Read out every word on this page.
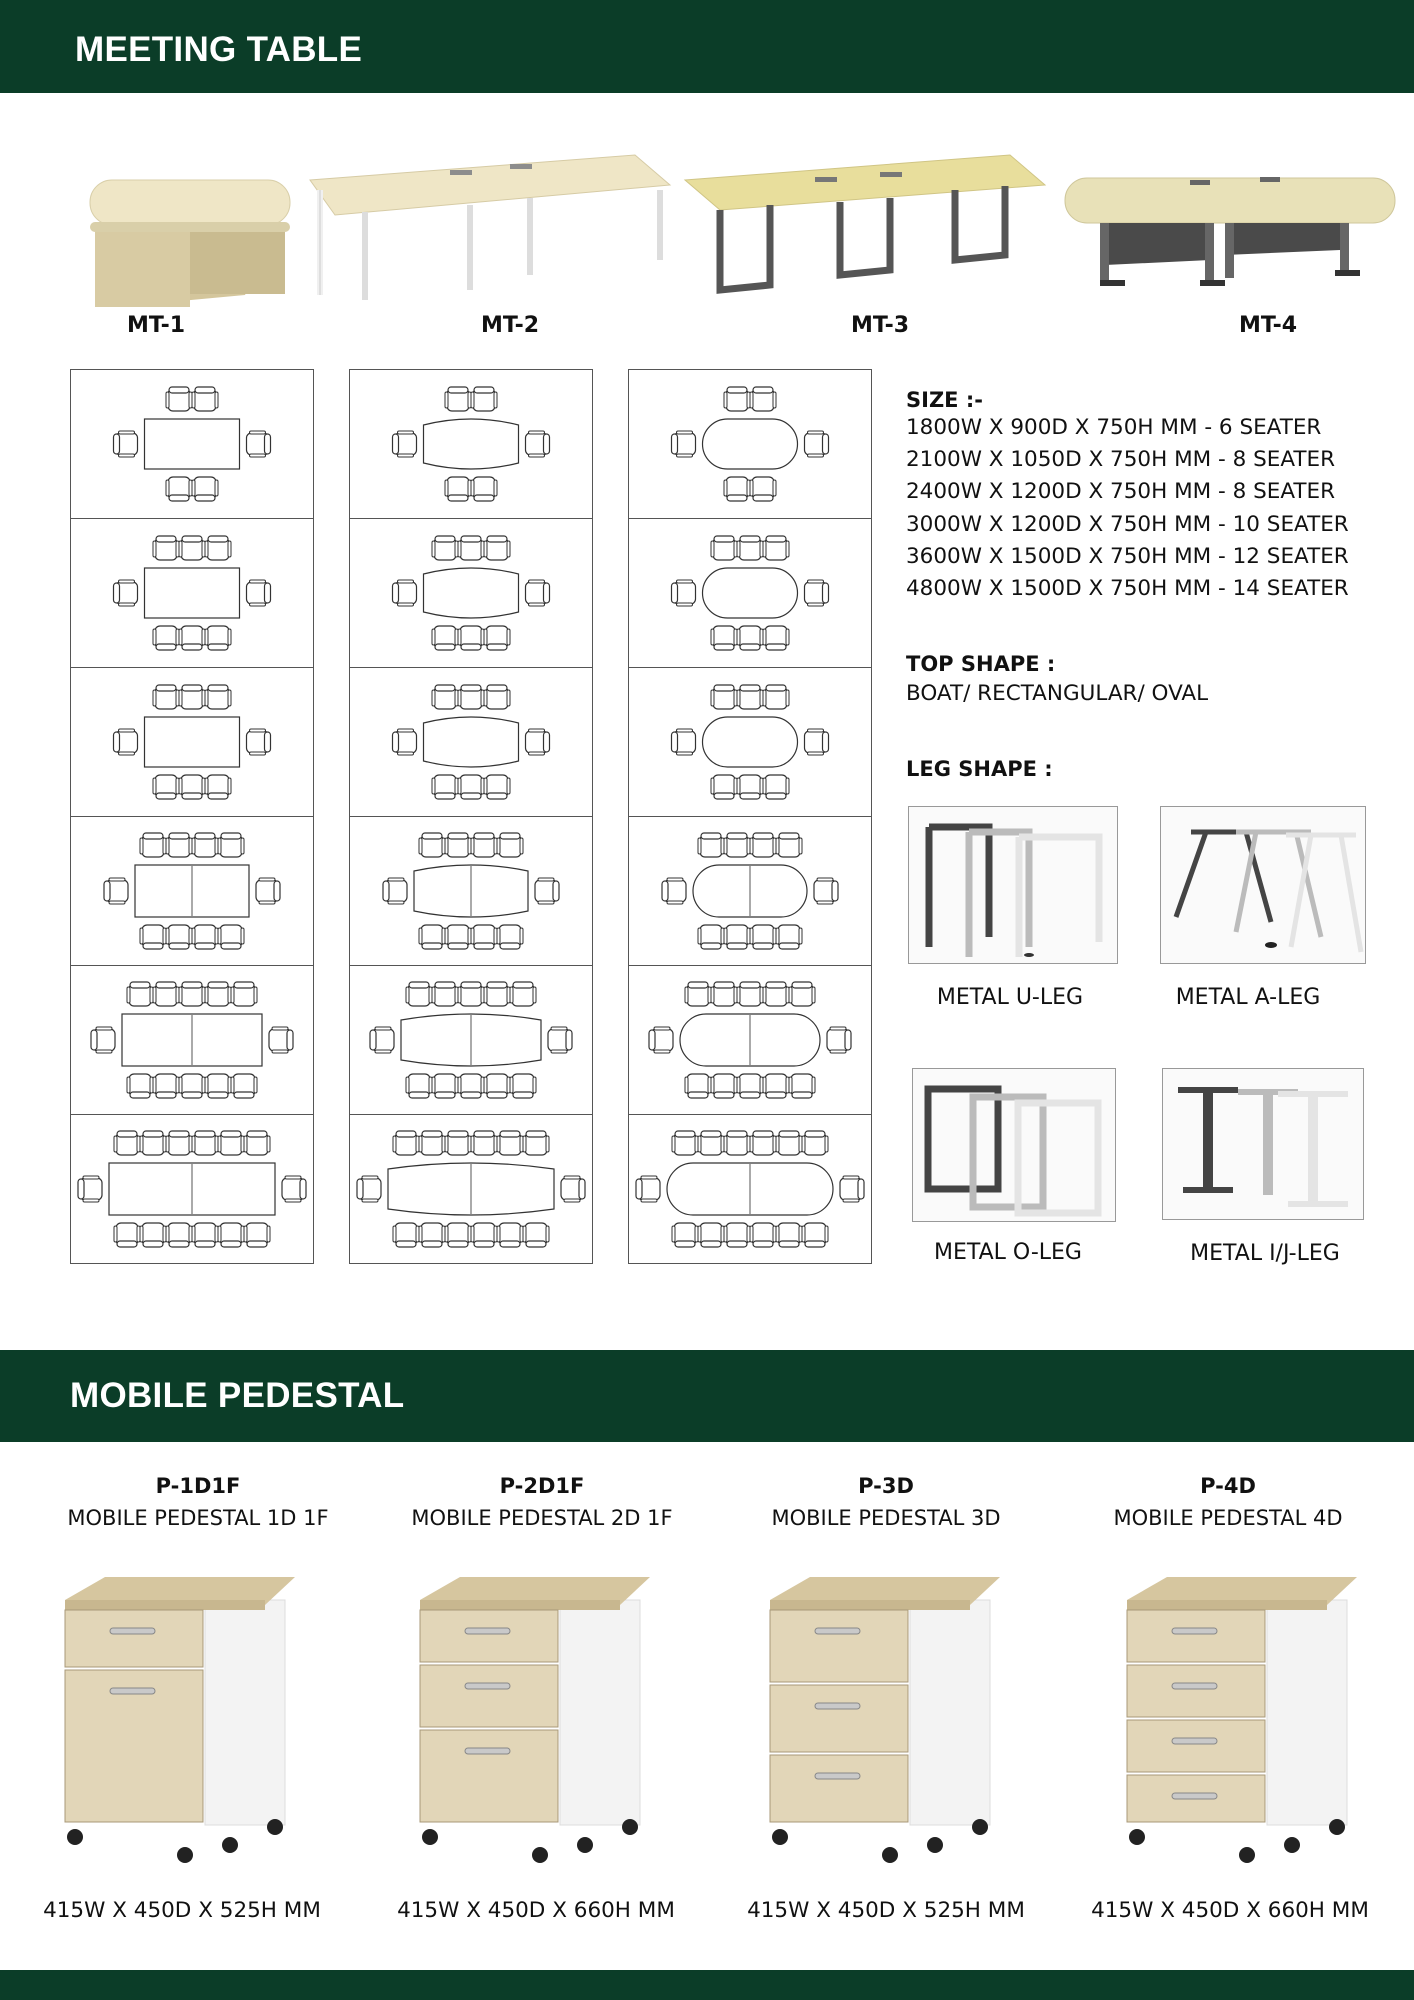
MEETING TABLE
MT-1	MT-2	MT-3	MT-4
SIZE :-
1800W X 900D X 750H MM - 6 SEATER
2100W X 1050D X 750H MM - 8 SEATER
2400W X 1200D X 750H MM - 8 SEATER
3000W X 1200D X 750H MM - 10 SEATER
3600W X 1500D X 750H MM - 12 SEATER
4800W X 1500D X 750H MM - 14 SEATER
TOP SHAPE :
BOAT/ RECTANGULAR/ OVAL
LEG SHAPE :
METAL U-LEG	METAL A-LEG
METAL O-LEG	METAL I/J-LEG
MOBILE PEDESTAL
P-1D1F
MOBILE PEDESTAL 1D 1F
P-2D1F
MOBILE PEDESTAL 2D 1F
P-3D
MOBILE PEDESTAL 3D
P-4D
MOBILE PEDESTAL 4D
415W X 450D X 525H MM	415W X 450D X 660H MM	415W X 450D X 525H MM	415W X 450D X 660H MM
